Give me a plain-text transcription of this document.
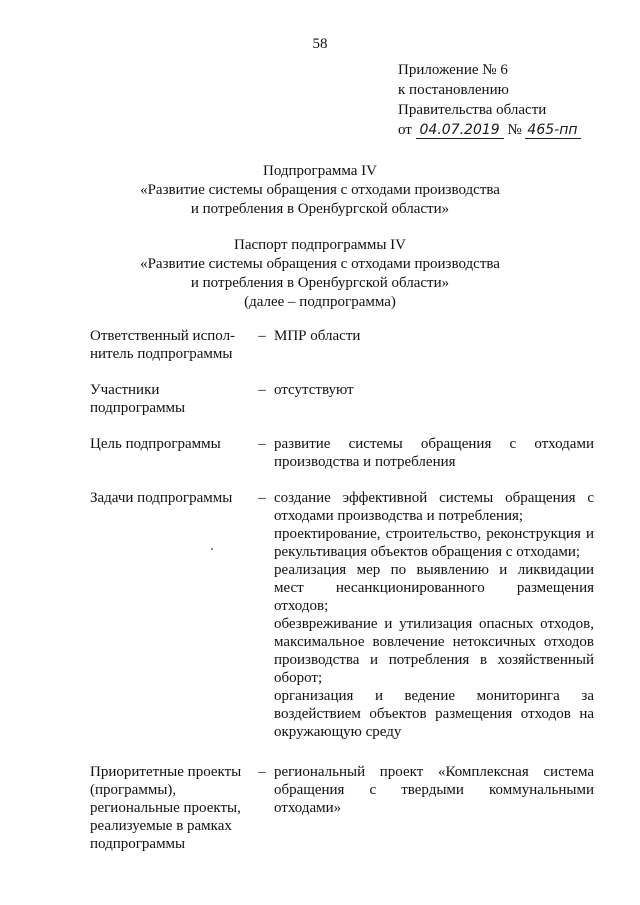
58
Приложение № 6
к постановлению
Правительства области
от 04.07.2019 № 465-пп
Подпрограмма IV
«Развитие системы обращения с отходами производства
и потребления в Оренбургской области»
Паспорт подпрограммы IV
«Развитие системы обращения с отходами производства
и потребления в Оренбургской области»
(далее – подпрограмма)
Ответственный испол-нитель подпрограммы
– МПР области
Участники подпрограммы
– отсутствуют
Цель подпрограммы	– развитие системы обращения с отходами производства и потребления
Задачи подпрограммы	– создание эффективной системы обращения с отходами производства и потребления;
проектирование, строительство, реконструкция и рекультивация объектов обращения с отходами;
реализация мер по выявлению и ликвидации мест несанкционированного размещения отходов;
обезвреживание и утилизация опасных отходов, максимальное вовлечение нетоксичных отходов производства и потребления в хозяйственный оборот;
организация и ведение мониторинга за воздействием объектов размещения отходов на окружающую среду
Приоритетные проекты (программы), региональные проекты, реализуемые в рамках подпрограммы
– региональный проект «Комплексная система обращения с твердыми коммунальными отходами»
